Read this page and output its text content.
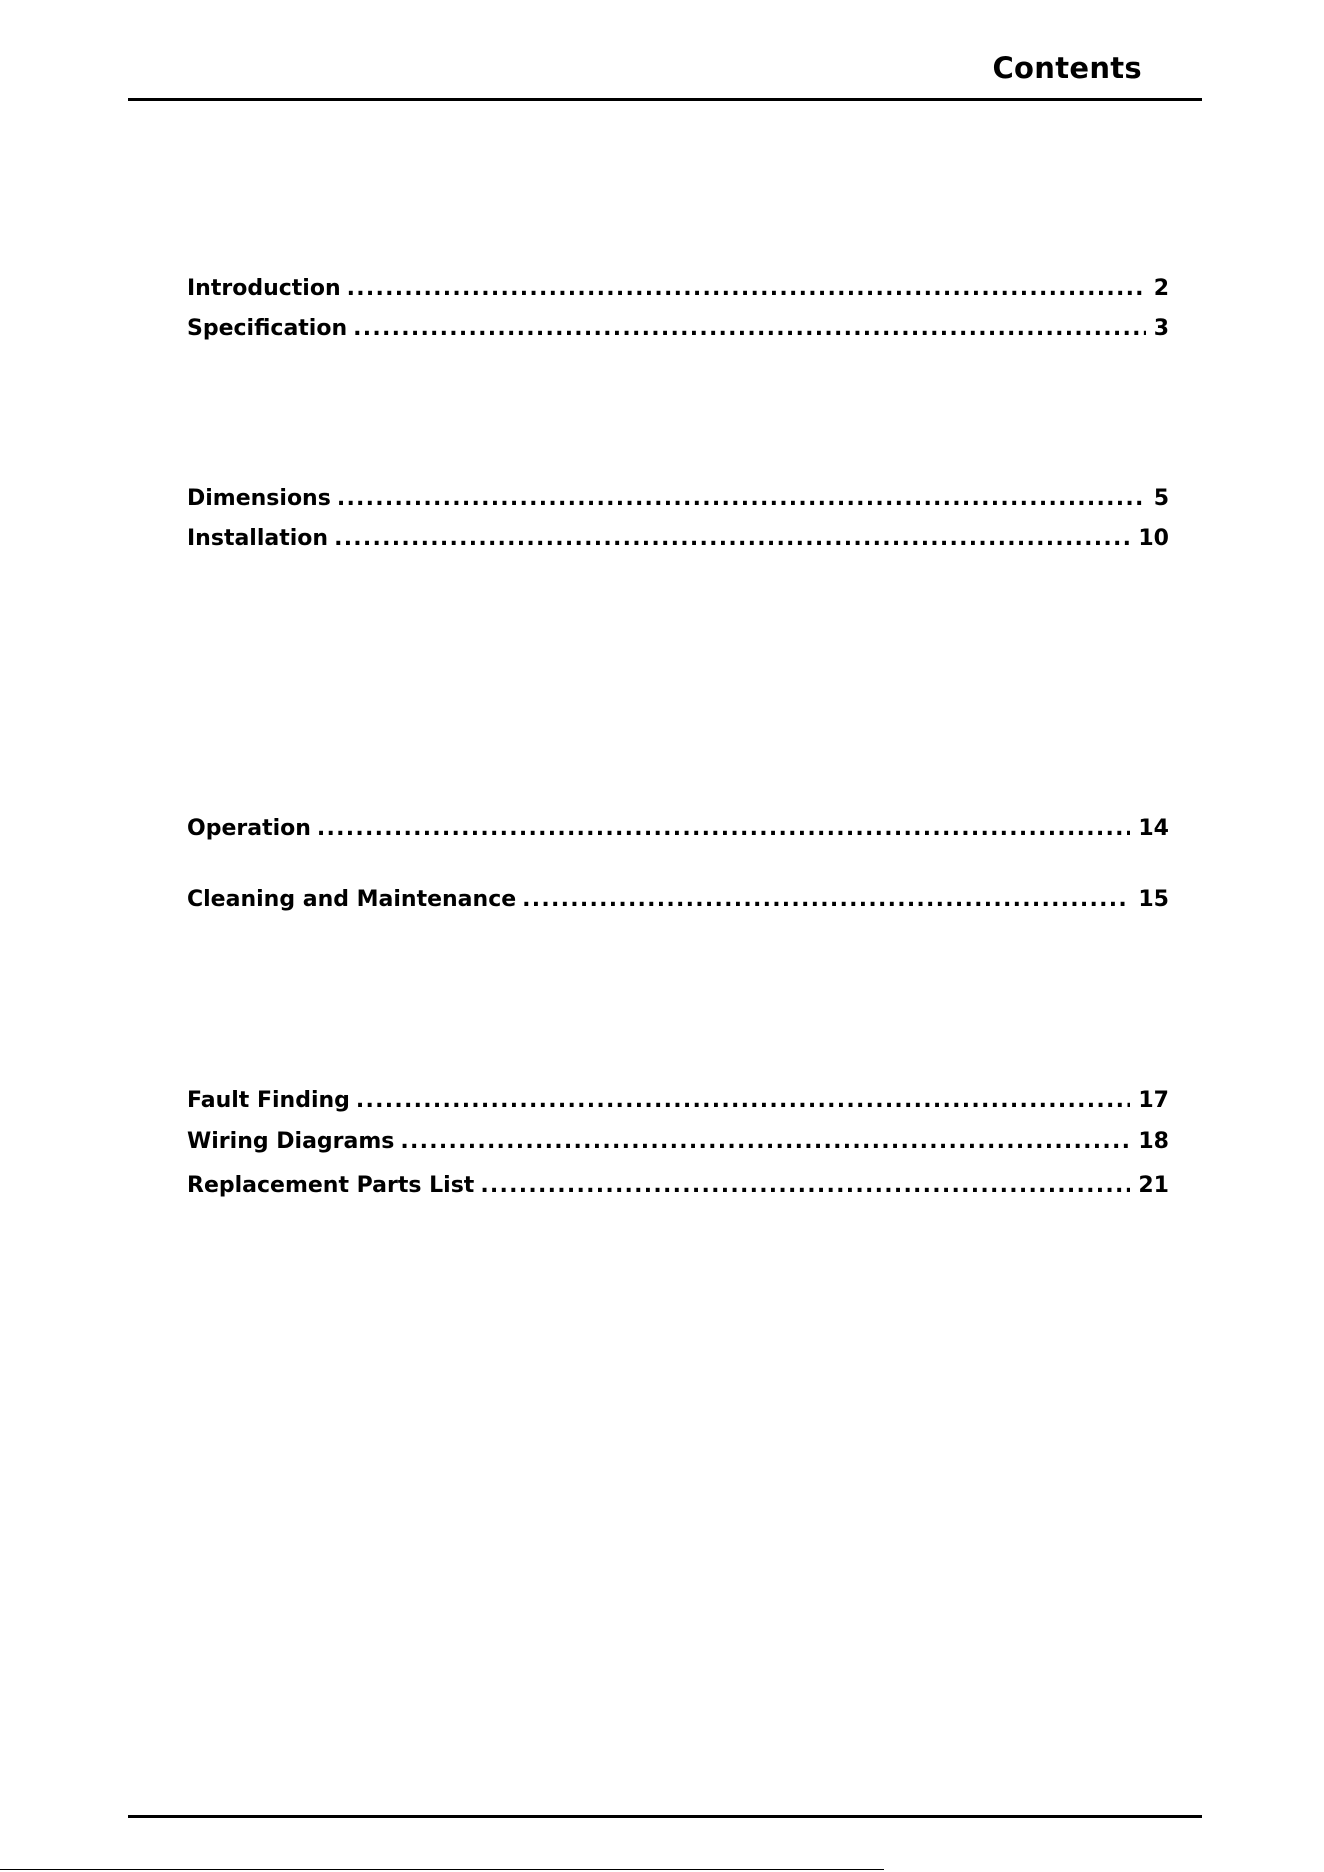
Contents
Introduction . . .	2
Specification . . .	3
Dimensions . . .	5
Installation . . .	10
Operation . . .	14
Cleaning and Maintenance . . .	15
Fault Finding . . .	17
Wiring Diagrams . . .	18
Replacement Parts List . . .	21
